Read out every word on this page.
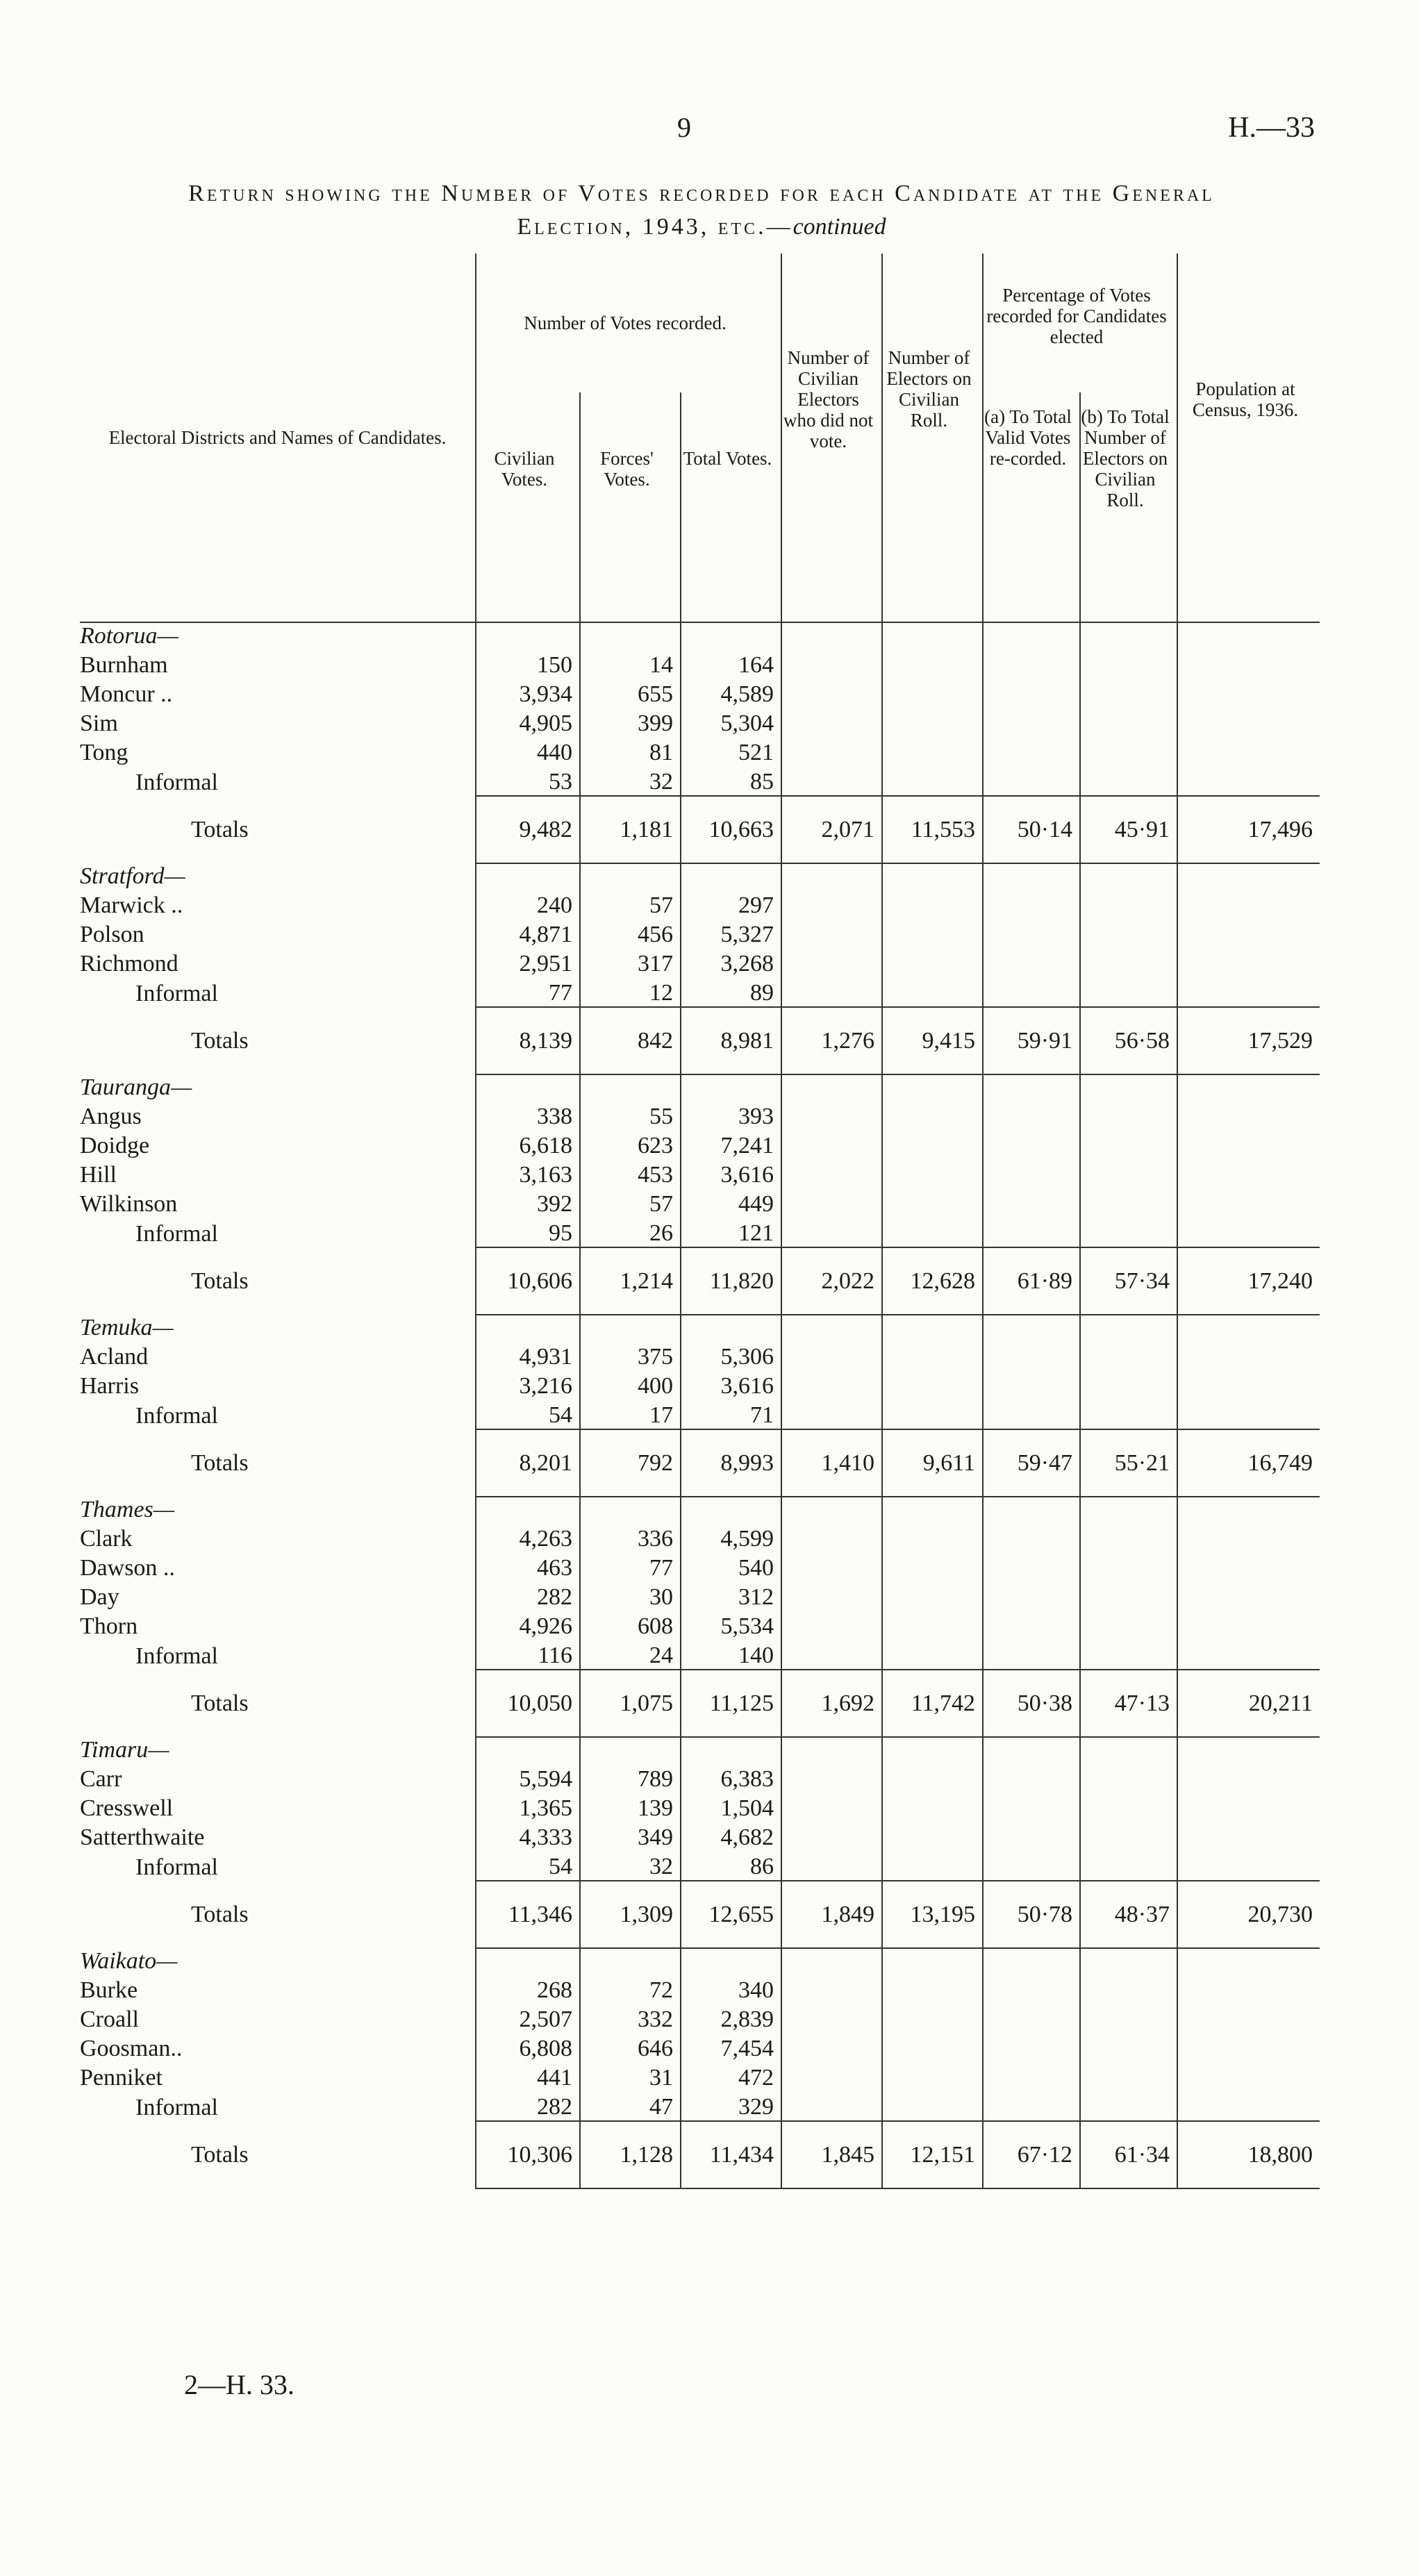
9	H.—33
Return showing the Number of Votes recorded for each Candidate at the General
Election, 1943, etc.—continued
Electoral Districts and Names of Candidates.	Number of Votes recorded.			Number of Civilian Electors who did not vote.	Number of Electors on Civilian Roll.	Percentage of Votes recorded for Candidates elected		Population at Census, 1936.
	Civilian Votes.	Forces' Votes.	Total Votes.			(a) To Total Valid Votes re-corded.	(b) To Total Number of Electors on Civilian Roll.	
Rotorua—								
Burnham	150	14	164					
Moncur ..	3,934	655	4,589					
Sim	4,905	399	5,304					
Tong	440	81	521					
Informal	53	32	85					
Totals	9,482	1,181	10,663	2,071	11,553	50·14	45·91	17,496
Stratford—								
Marwick ..	240	57	297					
Polson	4,871	456	5,327					
Richmond	2,951	317	3,268					
Informal	77	12	89					
Totals	8,139	842	8,981	1,276	9,415	59·91	56·58	17,529
Tauranga—								
Angus	338	55	393					
Doidge	6,618	623	7,241					
Hill	3,163	453	3,616					
Wilkinson	392	57	449					
Informal	95	26	121					
Totals	10,606	1,214	11,820	2,022	12,628	61·89	57·34	17,240
Temuka—								
Acland	4,931	375	5,306					
Harris	3,216	400	3,616					
Informal	54	17	71					
Totals	8,201	792	8,993	1,410	9,611	59·47	55·21	16,749
Thames—								
Clark	4,263	336	4,599					
Dawson ..	463	77	540					
Day	282	30	312					
Thorn	4,926	608	5,534					
Informal	116	24	140					
Totals	10,050	1,075	11,125	1,692	11,742	50·38	47·13	20,211
Timaru—								
Carr	5,594	789	6,383					
Cresswell	1,365	139	1,504					
Satterthwaite	4,333	349	4,682					
Informal	54	32	86					
Totals	11,346	1,309	12,655	1,849	13,195	50·78	48·37	20,730
Waikato—								
Burke	268	72	340					
Croall	2,507	332	2,839					
Goosman..	6,808	646	7,454					
Penniket	441	31	472					
Informal	282	47	329					
Totals	10,306	1,128	11,434	1,845	12,151	67·12	61·34	18,800
2—H. 33.
